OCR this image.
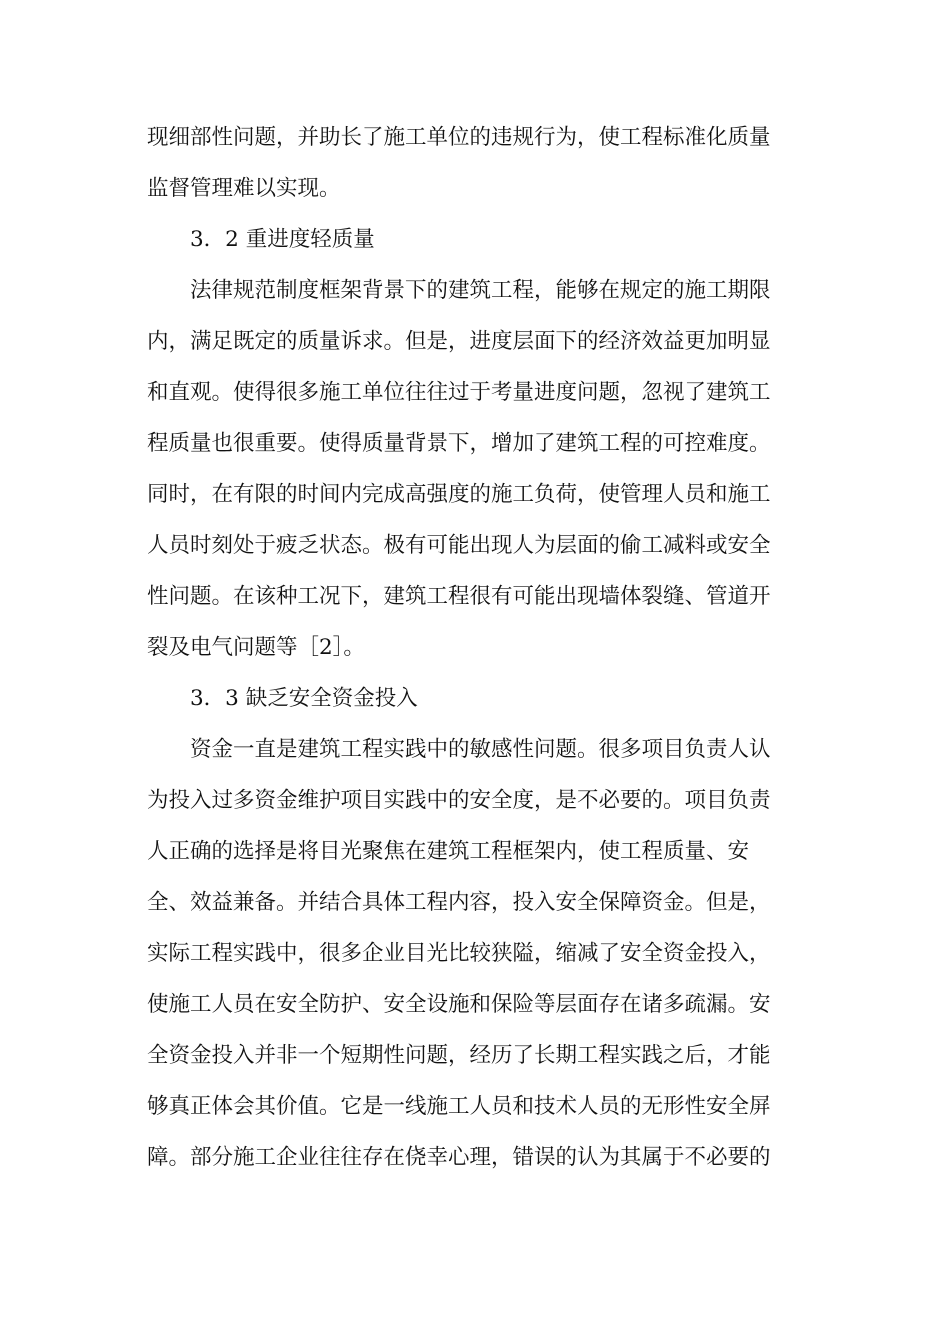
现细部性问题，并助长了施工单位的违规行为，使工程标准化质量
监督管理难以实现。
3．2 重进度轻质量
法律规范制度框架背景下的建筑工程，能够在规定的施工期限
内，满足既定的质量诉求。但是，进度层面下的经济效益更加明显
和直观。使得很多施工单位往往过于考量进度问题，忽视了建筑工
程质量也很重要。使得质量背景下，增加了建筑工程的可控难度。
同时，在有限的时间内完成高强度的施工负荷，使管理人员和施工
人员时刻处于疲乏状态。极有可能出现人为层面的偷工减料或安全
性问题。在该种工况下，建筑工程很有可能出现墙体裂缝、管道开
裂及电气问题等［2］。
3．3 缺乏安全资金投入
资金一直是建筑工程实践中的敏感性问题。很多项目负责人认
为投入过多资金维护项目实践中的安全度，是不必要的。项目负责
人正确的选择是将目光聚焦在建筑工程框架内，使工程质量、安
全、效益兼备。并结合具体工程内容，投入安全保障资金。但是，
实际工程实践中，很多企业目光比较狭隘，缩减了安全资金投入，
使施工人员在安全防护、安全设施和保险等层面存在诸多疏漏。安
全资金投入并非一个短期性问题，经历了长期工程实践之后，才能
够真正体会其价值。它是一线施工人员和技术人员的无形性安全屏
障。部分施工企业往往存在侥幸心理，错误的认为其属于不必要的
